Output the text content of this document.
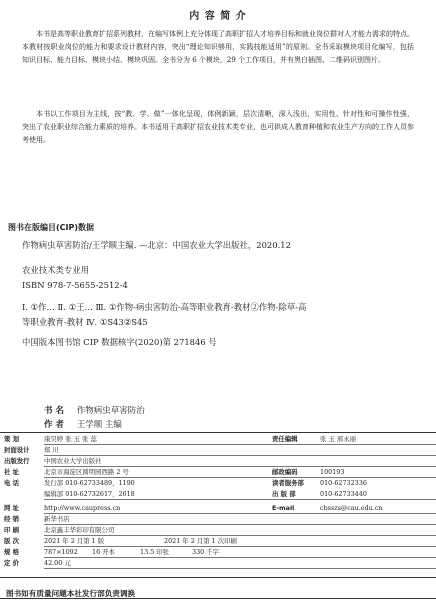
内 容 简 介
本书是高等职业教育扩招系列教材，在编写体例上充分体现了高职扩招人才培养目标和就业岗位群对人才能力需求的特点。本教材按职业岗位的能力和要求设计教材内容，突出“理论知识够用，实践技能适用”的原则。全书采取模块项目化编写，包括知识目标、能力目标、模块小结、模块巩固。全书分为 6 个模块，29 个工作项目，并有黑白插图、二维码识别图片。
本书以工作项目为主线，按“教、学、做”一体化呈现，体例新颖，层次清晰，深入浅出，实用性、针对性和可操作性强，突出了农业职业综合能力素质的培养。本书适用于高职扩招农业技术类专业，也可供成人教育种植和农业生产方向的工作人员参考使用。
图书在版编目(CIP)数据
作物病虫草害防治/王学顺主编. —北京：中国农业大学出版社，2020.12
农业技术类专业用
ISBN 978-7-5655-2512-4
Ⅰ. ①作… Ⅱ. ①王… Ⅲ. ①作物-病虫害防治-高等职业教育-教材②作物-除草-高
等职业教育-教材 Ⅳ. ①S43②S45
中国版本图书馆 CIP 数据核字(2020)第 271846 号
书 名 作物病虫草害防治
作 者 王学顺 主编
策 划	康昊婷 张 玉 张 蕊	责任编辑	张 玉 邢永丽
封面设计 郑 川
出版发行 中国农业大学出版社
社 址	北京市海淀区圆明园西路 2 号	邮政编码	100193
电 话	发行部 010-62733489，1190	读者服务部	010-62732336
编辑部 010-62732617，2618	出 版 部	010-62733440
网 址	http://www.caupress.cn	E-mail	cbsszs@cau.edu.cn
经 销	新华书店
印 刷	北京鑫丰华彩印有限公司
版 次	2021 年 2 月第 1 版	2021 年 2 月第 1 次印刷
规 格	787×1092 16 开本	13.5 印张	330 千字
定 价	42.00 元
图书如有质量问题本社发行部负责调换
